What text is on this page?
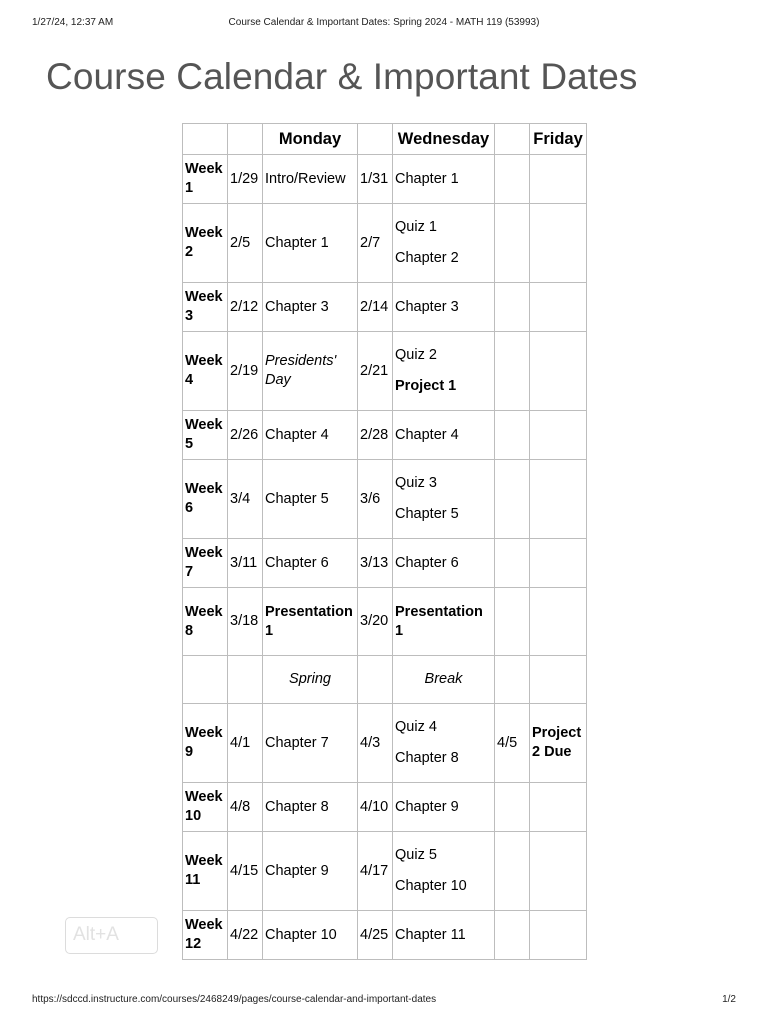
1/27/24, 12:37 AM	Course Calendar & Important Dates: Spring 2024 - MATH 119 (53993)
Course Calendar & Important Dates
		Monday		Wednesday		Friday
Week 1	1/29	Intro/Review	1/31	Chapter 1		
Week 2	2/5	Chapter 1	2/7	Quiz 1
Chapter 2		

Week 3	2/12	Chapter 3	2/14	Chapter 3		
Week 4	2/19	Presidents' Day	2/21	Quiz 2
Project 1		

Week 5	2/26	Chapter 4	2/28	Chapter 4		
Week 6	3/4	Chapter 5	3/6	Quiz 3
Chapter 5		

Week 7	3/11	Chapter 6	3/13	Chapter 6		
Week 8	3/18	Presentation 1	3/20	Presentation 1		
		Spring		Break		
Week 9	4/1	Chapter 7	4/3	Quiz 4
Chapter 8	4/5	Project 2 Due
Week 10	4/8	Chapter 8	4/10	Chapter 9		
Week 11	4/15	Chapter 9	4/17	Quiz 5
Chapter 10		

Week 12	4/22	Chapter 10	4/25	Chapter 11		
Alt+A
https://sdccd.instructure.com/courses/2468249/pages/course-calendar-and-important-dates	1/2
